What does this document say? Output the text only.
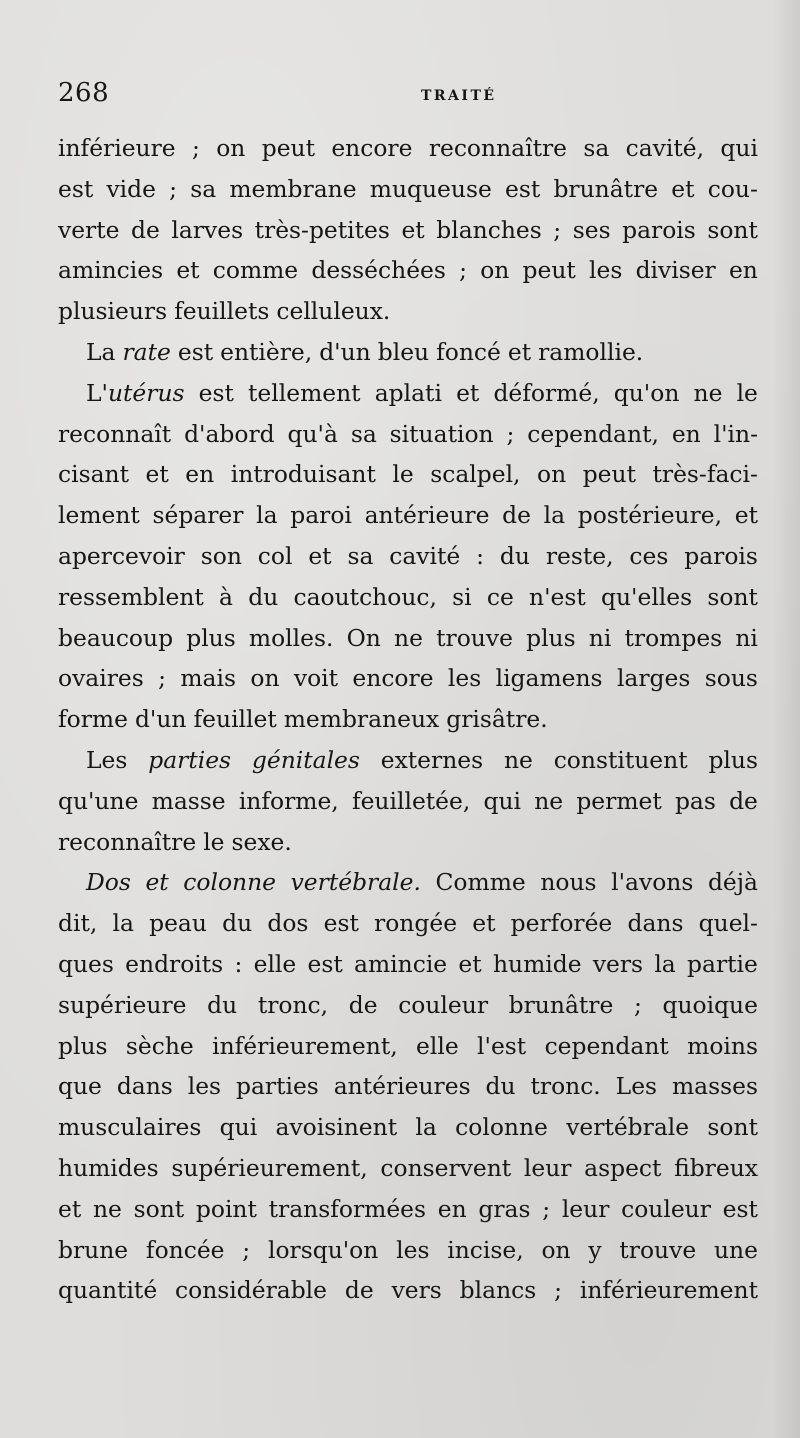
268	TRAITÉ
inférieure ; on peut encore reconnaître sa cavité, qui
est vide ; sa membrane muqueuse est brunâtre et cou-
verte de larves très-petites et blanches ; ses parois sont
amincies et comme desséchées ; on peut les diviser en
plusieurs feuillets celluleux.
La rate est entière, d'un bleu foncé et ramollie.
L'utérus est tellement aplati et déformé, qu'on ne le
reconnaît d'abord qu'à sa situation ; cependant, en l'in-
cisant et en introduisant le scalpel, on peut très-faci-
lement séparer la paroi antérieure de la postérieure, et
apercevoir son col et sa cavité : du reste, ces parois
ressemblent à du caoutchouc, si ce n'est qu'elles sont
beaucoup plus molles. On ne trouve plus ni trompes ni
ovaires ; mais on voit encore les ligamens larges sous
forme d'un feuillet membraneux grisâtre.
Les parties génitales externes ne constituent plus
qu'une masse informe, feuilletée, qui ne permet pas de
reconnaître le sexe.
Dos et colonne vertébrale. Comme nous l'avons déjà
dit, la peau du dos est rongée et perforée dans quel-
ques endroits : elle est amincie et humide vers la partie
supérieure du tronc, de couleur brunâtre ; quoique
plus sèche inférieurement, elle l'est cependant moins
que dans les parties antérieures du tronc. Les masses
musculaires qui avoisinent la colonne vertébrale sont
humides supérieurement, conservent leur aspect fibreux
et ne sont point transformées en gras ; leur couleur est
brune foncée ; lorsqu'on les incise, on y trouve une
quantité considérable de vers blancs ; inférieurement
